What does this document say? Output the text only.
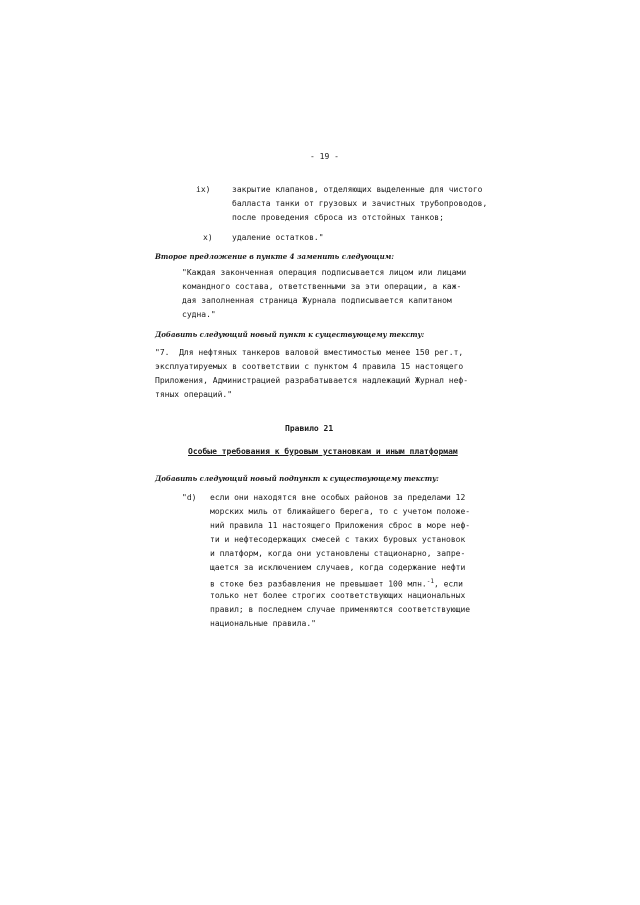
- 19 -
ix)	закрытие клапанов, отделяющих выделенные для чистого
балласта танки от грузовых и зачистных трубопроводов,
после проведения сброса из отстойных танков;
x) удаление остатков."
Второе предложение в пункте 4 заменить следующим:
"Каждая законченная операция подписывается лицом или лицами
командного состава, ответственными за эти операции, а каж-
дая заполненная страница Журнала подписывается капитаном
судна."
Добавить следующий новый пункт к существующему тексту:
"7.  Для нефтяных танкеров валовой вместимостью менее 150 рег.т,
эксплуатируемых в соответствии с пунктом 4 правила 15 настоящего
Приложения, Администрацией разрабатывается надлежащий Журнал неф-
тяных операций."
Правило 21
Особые требования к буровым установкам и иным платформам
Добавить следующий новый подпункт к существующему тексту:
"d) если они находятся вне особых районов за пределами 12
морских миль от ближайшего берега, то с учетом положе-
ний правила 11 настоящего Приложения сброс в море неф-
ти и нефтесодержащих смесей с таких буровых установок
и платформ, когда они установлены стационарно, запре-
щается за исключением случаев, когда содержание нефти
в стоке без разбавления не превышает 100 млн.$^{-1}$, если
только нет более строгих соответствующих национальных
правил; в последнем случае применяются соответствующие
национальные правила."
